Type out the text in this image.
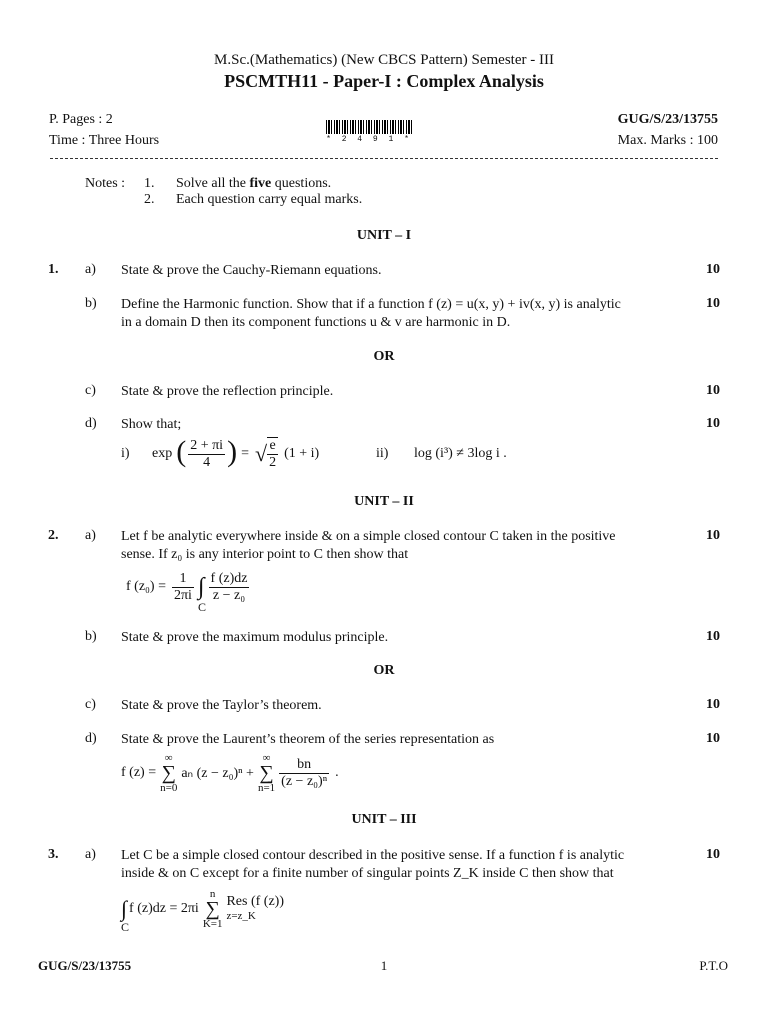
M.Sc.(Mathematics) (New CBCS Pattern) Semester - III
PSCMTH11 - Paper-I : Complex Analysis
P. Pages : 2
Time : Three Hours
GUG/S/23/13755
Max. Marks : 100
* 2 4 9 1 *
Notes : 1. Solve all the five questions.
2. Each question carry equal marks.
UNIT – I
1. a) State & prove the Cauchy-Riemann equations.	10
b) Define the Harmonic function. Show that if a function f (z) = u(x, y) + iv(x, y) is analytic
in a domain D then its component functions u & v are harmonic in D.
10
OR
c) State & prove the reflection principle.	10
d) Show that;	10
i) exp ( $\frac{2 + \pi i}{4}$ ) = √ $\frac{e}{2} (1 + i)$	ii) log (i³) ≠ 3log i .
UNIT – II
2. a) Let f be analytic everywhere inside & on a simple closed contour C taken in the positive
sense. If z₀ is any interior point to C then show that
10
f $(z_0) = \frac{1}{2\pi i}$ ∫
C
$\frac{f (z)dz}{\text{z − z₀}}$
b) State & prove the maximum modulus principle.	10
OR
c) State & prove the Taylor’s theorem.	10
d) State & prove the Laurent’s theorem of the series representation as	10
f (z) =
∞
∑
n=0
aₙ (z − z₀)ⁿ +
∞
∑
$n=1 \frac{bn}{\text{(z − z₀)ⁿ}}$ .
UNIT – III
3. a) Let C be a simple closed contour described in the positive sense. If a function f is analytic
inside & on C except for a finite number of singular points Z_K inside C then show that
10
∫
C
f (z)dz = 2πi
n
∑
K=1
Res (f (z))
z=z_K
GUG/S/23/13755	1	P.T.O
